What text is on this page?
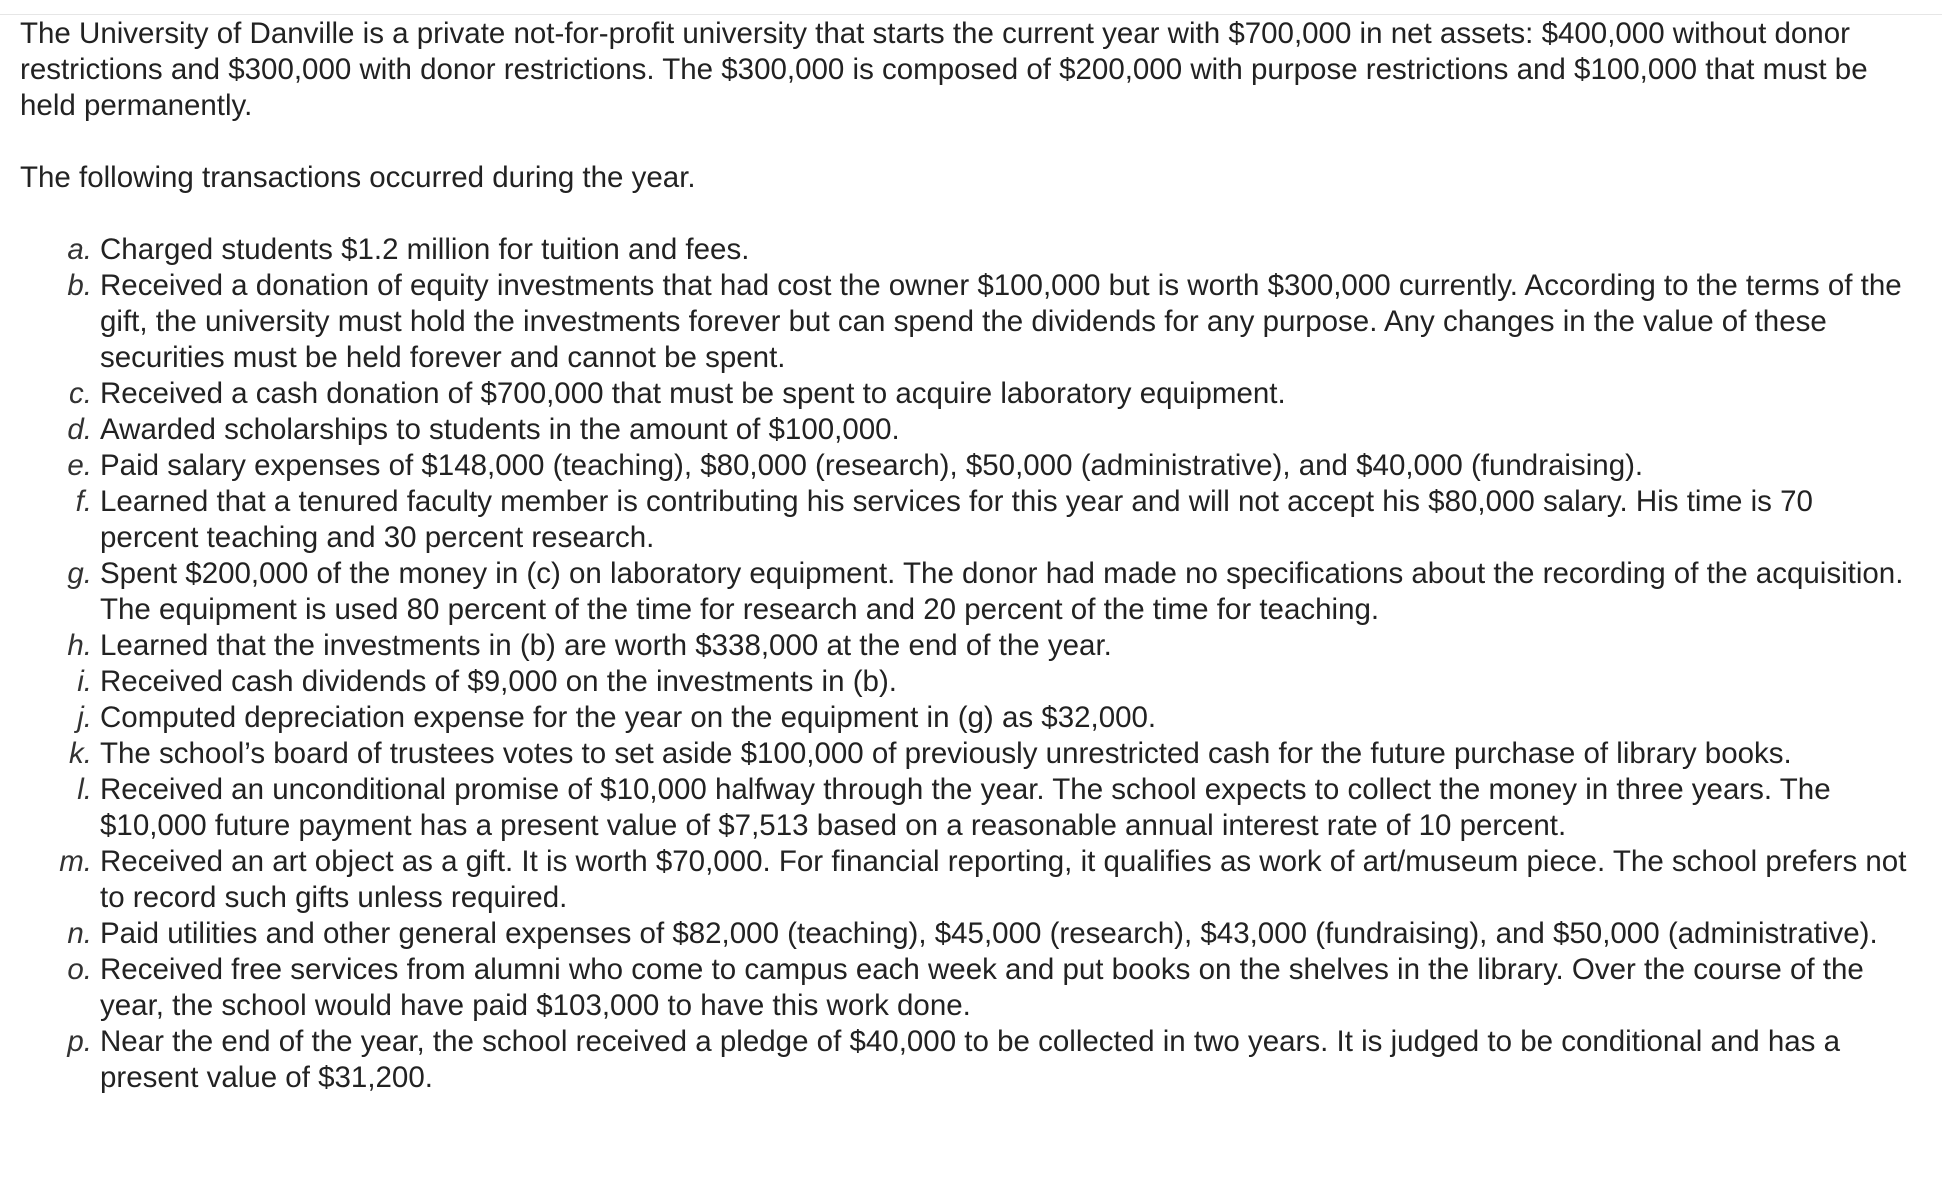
The University of Danville is a private not-for-profit university that starts the current year with $700,000 in net assets: $400,000 without donor restrictions and $300,000 with donor restrictions. The $300,000 is composed of $200,000 with purpose restrictions and $100,000 that must be held permanently.

The following transactions occurred during the year.

a. Charged students $1.2 million for tuition and fees.
b. Received a donation of equity investments that had cost the owner $100,000 but is worth $300,000 currently. According to the terms of the gift, the university must hold the investments forever but can spend the dividends for any purpose. Any changes in the value of these securities must be held forever and cannot be spent.
c. Received a cash donation of $700,000 that must be spent to acquire laboratory equipment.
d. Awarded scholarships to students in the amount of $100,000.
e. Paid salary expenses of $148,000 (teaching), $80,000 (research), $50,000 (administrative), and $40,000 (fundraising).
f. Learned that a tenured faculty member is contributing his services for this year and will not accept his $80,000 salary. His time is 70 percent teaching and 30 percent research.
g. Spent $200,000 of the money in (c) on laboratory equipment. The donor had made no specifications about the recording of the acquisition. The equipment is used 80 percent of the time for research and 20 percent of the time for teaching.
h. Learned that the investments in (b) are worth $338,000 at the end of the year.
i. Received cash dividends of $9,000 on the investments in (b).
j. Computed depreciation expense for the year on the equipment in (g) as $32,000.
k. The school’s board of trustees votes to set aside $100,000 of previously unrestricted cash for the future purchase of library books.
l. Received an unconditional promise of $10,000 halfway through the year. The school expects to collect the money in three years. The $10,000 future payment has a present value of $7,513 based on a reasonable annual interest rate of 10 percent.
m. Received an art object as a gift. It is worth $70,000. For financial reporting, it qualifies as work of art/museum piece. The school prefers not to record such gifts unless required.
n. Paid utilities and other general expenses of $82,000 (teaching), $45,000 (research), $43,000 (fundraising), and $50,000 (administrative).
o. Received free services from alumni who come to campus each week and put books on the shelves in the library. Over the course of the year, the school would have paid $103,000 to have this work done.
p. Near the end of the year, the school received a pledge of $40,000 to be collected in two years. It is judged to be conditional and has a present value of $31,200.
